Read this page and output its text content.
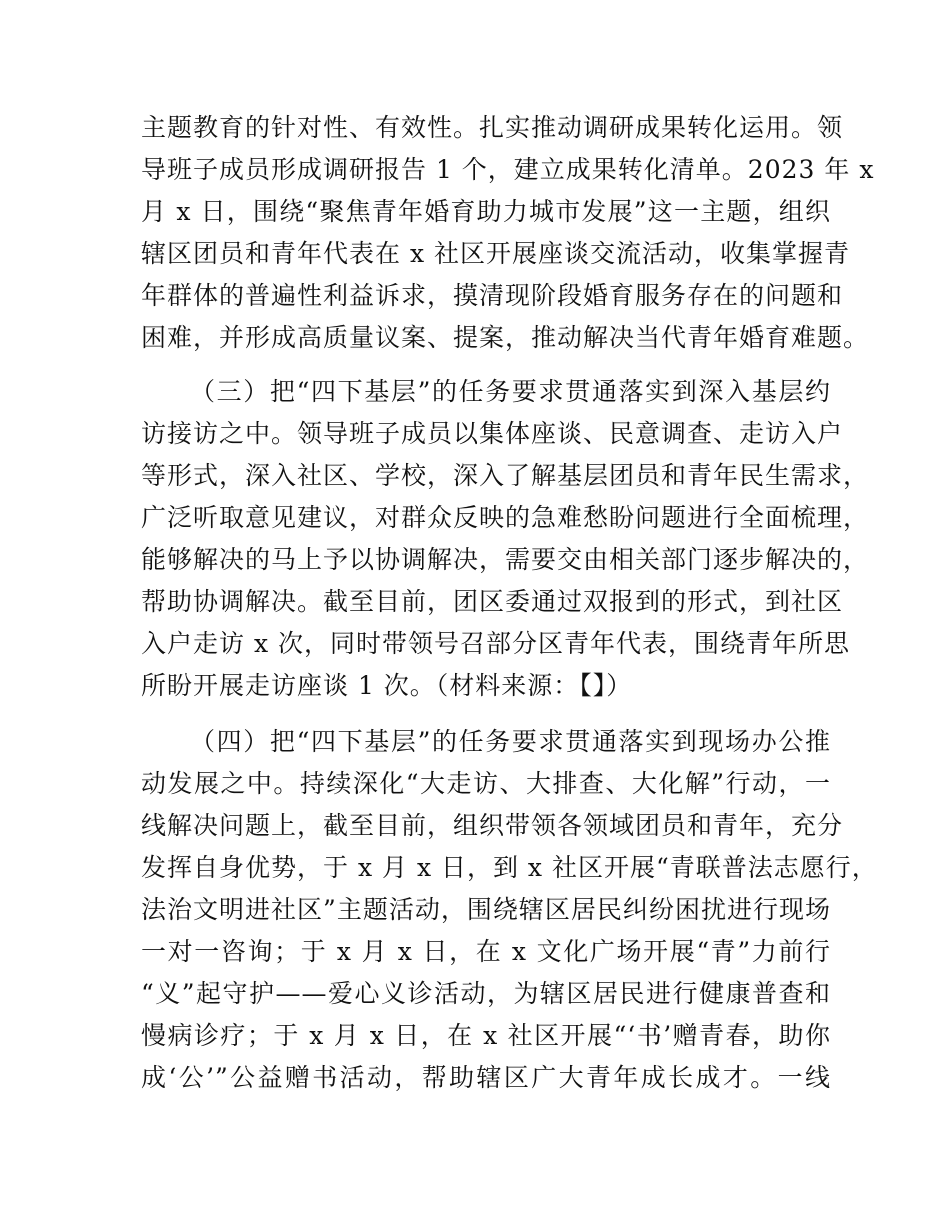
主题教育的针对性、有效性。扎实推动调研成果转化运用。领
导班子成员形成调研报告 1 个，建立成果转化清单。2023 年 x
月 x 日，围绕“聚焦青年婚育助力城市发展”这一主题，组织
辖区团员和青年代表在 x 社区开展座谈交流活动，收集掌握青
年群体的普遍性利益诉求，摸清现阶段婚育服务存在的问题和
困难，并形成高质量议案、提案，推动解决当代青年婚育难题。
（三）把“四下基层”的任务要求贯通落实到深入基层约
访接访之中。领导班子成员以集体座谈、民意调查、走访入户
等形式，深入社区、学校，深入了解基层团员和青年民生需求，
广泛听取意见建议，对群众反映的急难愁盼问题进行全面梳理，
能够解决的马上予以协调解决，需要交由相关部门逐步解决的，
帮助协调解决。截至目前，团区委通过双报到的形式，到社区
入户走访 x 次，同时带领号召部分区青年代表，围绕青年所思
所盼开展走访座谈 1 次。（材料来源：【】）
（四）把“四下基层”的任务要求贯通落实到现场办公推
动发展之中。持续深化“大走访、大排查、大化解”行动，一
线解决问题上，截至目前，组织带领各领域团员和青年，充分
发挥自身优势，于 x 月 x 日，到 x 社区开展“青联普法志愿行，
法治文明进社区”主题活动，围绕辖区居民纠纷困扰进行现场
一对一咨询；于 x 月 x 日，在 x 文化广场开展“青”力前行
“义”起守护——爱心义诊活动，为辖区居民进行健康普查和
慢病诊疗；于 x 月 x 日，在 x 社区开展“‘书’赠青春，助你
成‘公’”公益赠书活动，帮助辖区广大青年成长成才。一线
